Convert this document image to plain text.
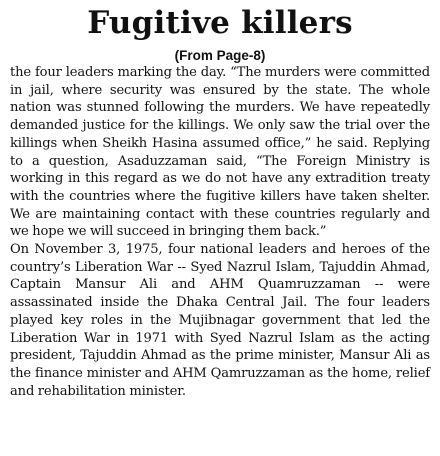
Fugitive killers
(From Page-8)

the four leaders marking the day. “The murders were committed in jail, where security was ensured by the state. The whole nation was stunned following the murders. We have repeatedly demanded justice for the killings. We only saw the trial over the killings when Sheikh Hasina assumed office,” he said. Replying to a question, Asaduzzaman said, “The Foreign Ministry is working in this regard as we do not have any extradition treaty with the countries where the fugitive killers have taken shelter. We are maintaining contact with these countries regularly and we hope we will succeed in bringing them back.”

On November 3, 1975, four national leaders and heroes of the country’s Liberation War -- Syed Nazrul Islam, Tajuddin Ahmad, Captain Mansur Ali and AHM Quamruzzaman -- were assassinated inside the Dhaka Central Jail. The four leaders played key roles in the Mujibnagar government that led the Liberation War in 1971 with Syed Nazrul Islam as the acting president, Tajuddin Ahmad as the prime minister, Mansur Ali as the finance minister and AHM Qamruzzaman as the home, relief and rehabilitation minister.
